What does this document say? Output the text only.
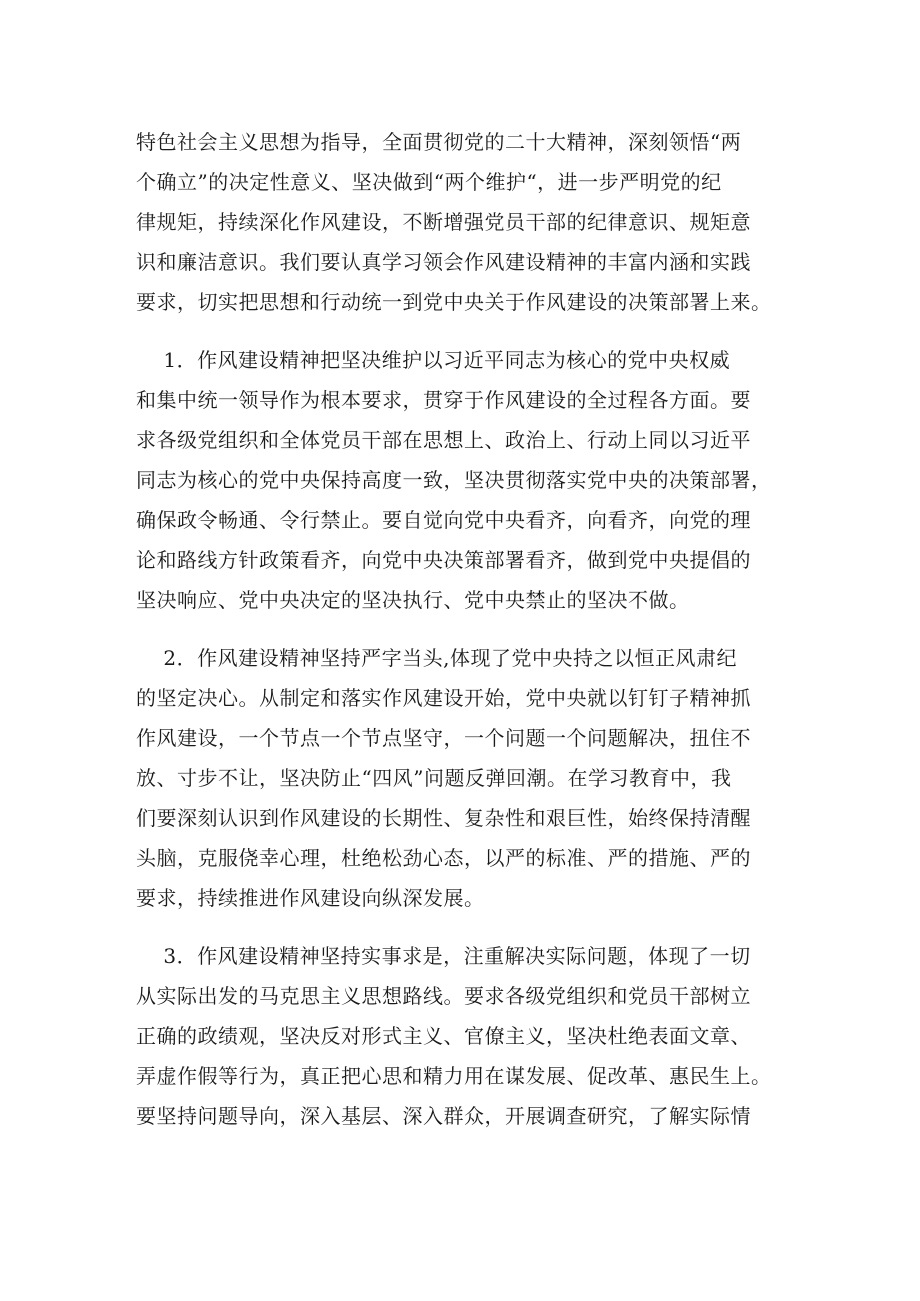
特色社会主义思想为指导，全面贯彻党的二十大精神，深刻领悟“两
个确立”的决定性意义、坚决做到“两个维护“，进一步严明党的纪
律规矩，持续深化作风建设，不断增强党员干部的纪律意识、规矩意
识和廉洁意识。我们要认真学习领会作风建设精神的丰富内涵和实践
要求，切实把思想和行动统一到党中央关于作风建设的决策部署上来。
　 1．作风建设精神把坚决维护以习近平同志为核心的党中央权威
和集中统一领导作为根本要求，贯穿于作风建设的全过程各方面。要
求各级党组织和全体党员干部在思想上、政治上、行动上同以习近平
同志为核心的党中央保持高度一致，坚决贯彻落实党中央的决策部署，
确保政令畅通、令行禁止。要自觉向党中央看齐，向看齐，向党的理
论和路线方针政策看齐，向党中央决策部署看齐，做到党中央提倡的
坚决响应、党中央决定的坚决执行、党中央禁止的坚决不做。
　 2．作风建设精神坚持严字当头,体现了党中央持之以恒正风肃纪
的坚定决心。从制定和落实作风建设开始，党中央就以钉钉子精神抓
作风建设，一个节点一个节点坚守，一个问题一个问题解决，扭住不
放、寸步不让，坚决防止“四风”问题反弹回潮。在学习教育中，我
们要深刻认识到作风建设的长期性、复杂性和艰巨性，始终保持清醒
头脑，克服侥幸心理，杜绝松劲心态，以严的标准、严的措施、严的
要求，持续推进作风建设向纵深发展。
　 3．作风建设精神坚持实事求是，注重解决实际问题，体现了一切
从实际出发的马克思主义思想路线。要求各级党组织和党员干部树立
正确的政绩观，坚决反对形式主义、官僚主义，坚决杜绝表面文章、
弄虚作假等行为，真正把心思和精力用在谋发展、促改革、惠民生上。
要坚持问题导向，深入基层、深入群众，开展调查研究，了解实际情
